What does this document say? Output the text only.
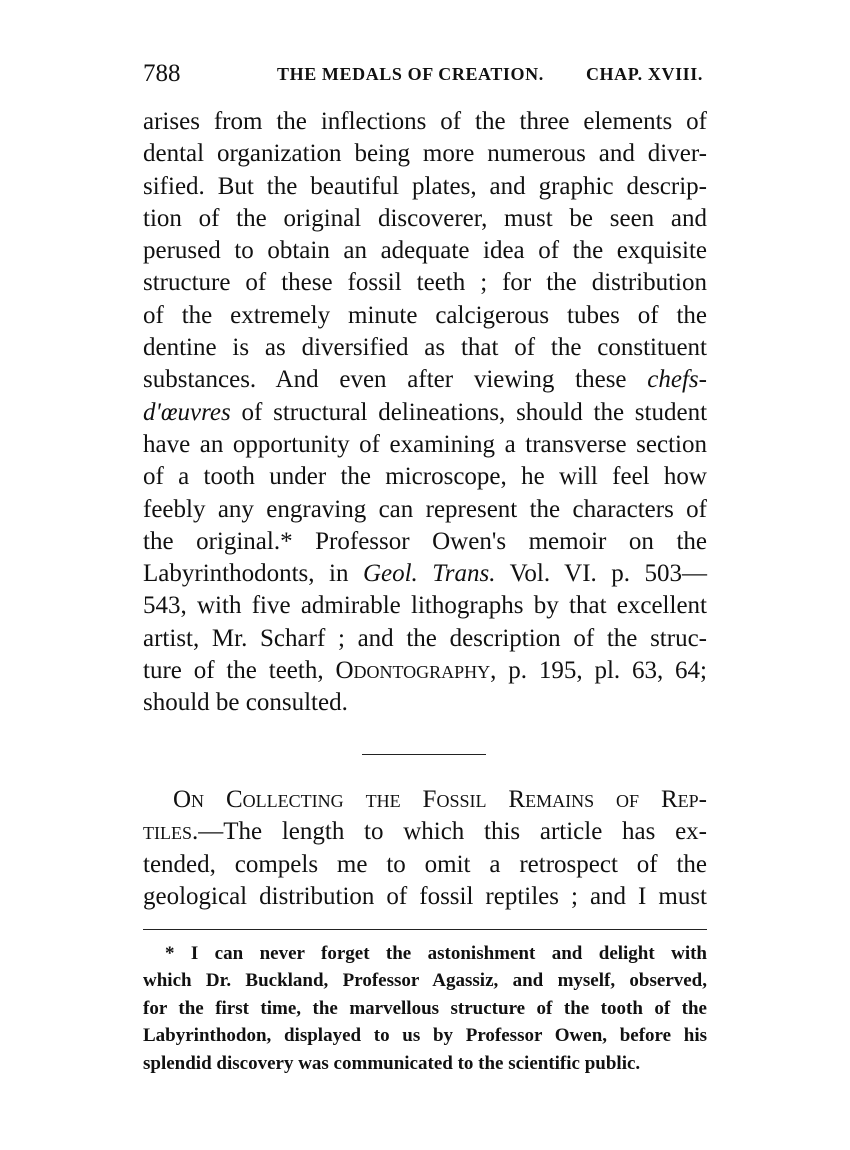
788	THE MEDALS OF CREATION. CHAP. XVIII.
arises from the inflections of the three elements of
dental organization being more numerous and diver-
sified. But the beautiful plates, and graphic descrip-
tion of the original discoverer, must be seen and
perused to obtain an adequate idea of the exquisite
structure of these fossil teeth ; for the distribution
of the extremely minute calcigerous tubes of the
dentine is as diversified as that of the constituent
substances. And even after viewing these chefs-
d'œuvres of structural delineations, should the student
have an opportunity of examining a transverse section
of a tooth under the microscope, he will feel how
feebly any engraving can represent the characters of
the original.* Professor Owen's memoir on the
Labyrinthodonts, in Geol. Trans. Vol. VI. p. 503—
543, with five admirable lithographs by that excellent
artist, Mr. Scharf ; and the description of the struc-
ture of the teeth, Odontography, p. 195, pl. 63, 64;
should be consulted.
On Collecting the Fossil Remains of Rep-
tiles.—The length to which this article has ex-
tended, compels me to omit a retrospect of the
geological distribution of fossil reptiles ; and I must
* I can never forget the astonishment and delight with
which Dr. Buckland, Professor Agassiz, and myself, observed,
for the first time, the marvellous structure of the tooth of the
Labyrinthodon, displayed to us by Professor Owen, before his
splendid discovery was communicated to the scientific public.
